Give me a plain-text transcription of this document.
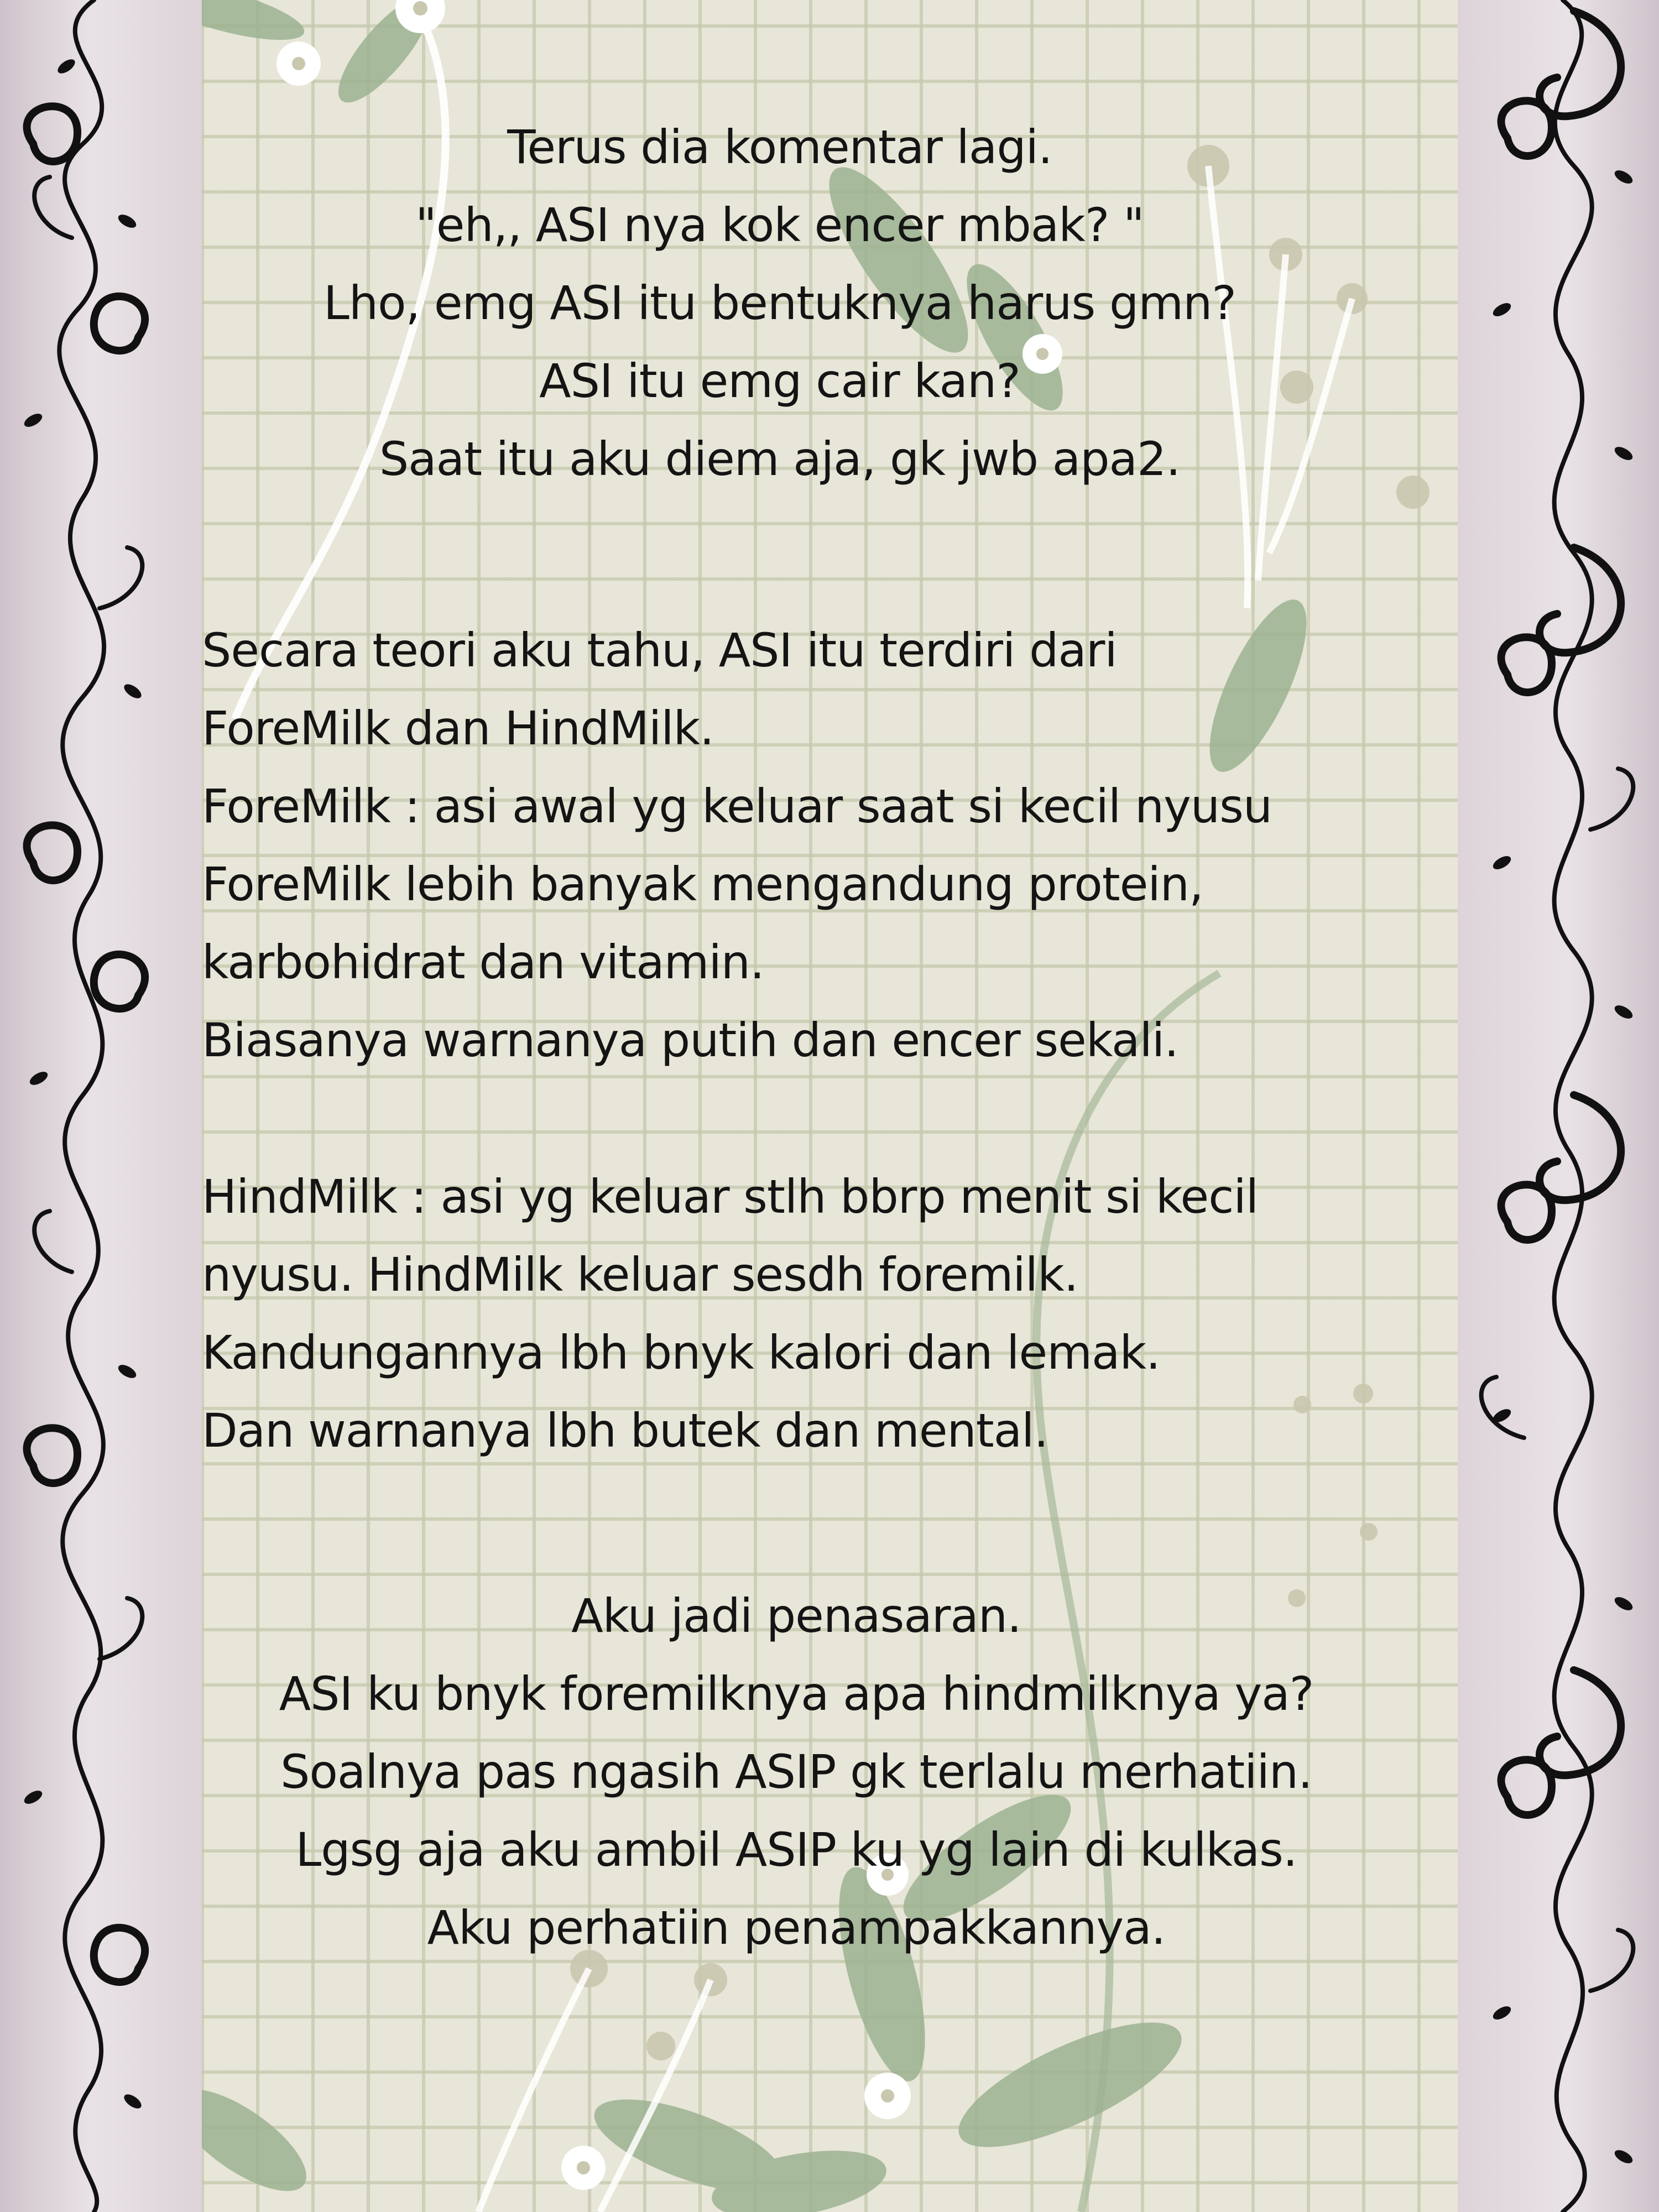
Terus dia komentar lagi.
"eh,, ASI nya kok encer mbak? "
Lho, emg ASI itu bentuknya harus gmn?
ASI itu emg cair kan?
Saat itu aku diem aja, gk jwb apa2.
Secara teori aku tahu, ASI itu terdiri dari
ForeMilk dan HindMilk.
ForeMilk : asi awal yg keluar saat si kecil nyusu
ForeMilk lebih banyak mengandung protein,
karbohidrat dan vitamin.
Biasanya warnanya putih dan encer sekali.
HindMilk : asi yg keluar stlh bbrp menit si kecil
nyusu. HindMilk keluar sesdh foremilk.
Kandungannya lbh bnyk kalori dan lemak.
Dan warnanya lbh butek dan mental.
Aku jadi penasaran.
ASI ku bnyk foremilknya apa hindmilknya ya?
Soalnya pas ngasih ASIP gk terlalu merhatiin.
Lgsg aja aku ambil ASIP ku yg lain di kulkas.
Aku perhatiin penampakkannya.
